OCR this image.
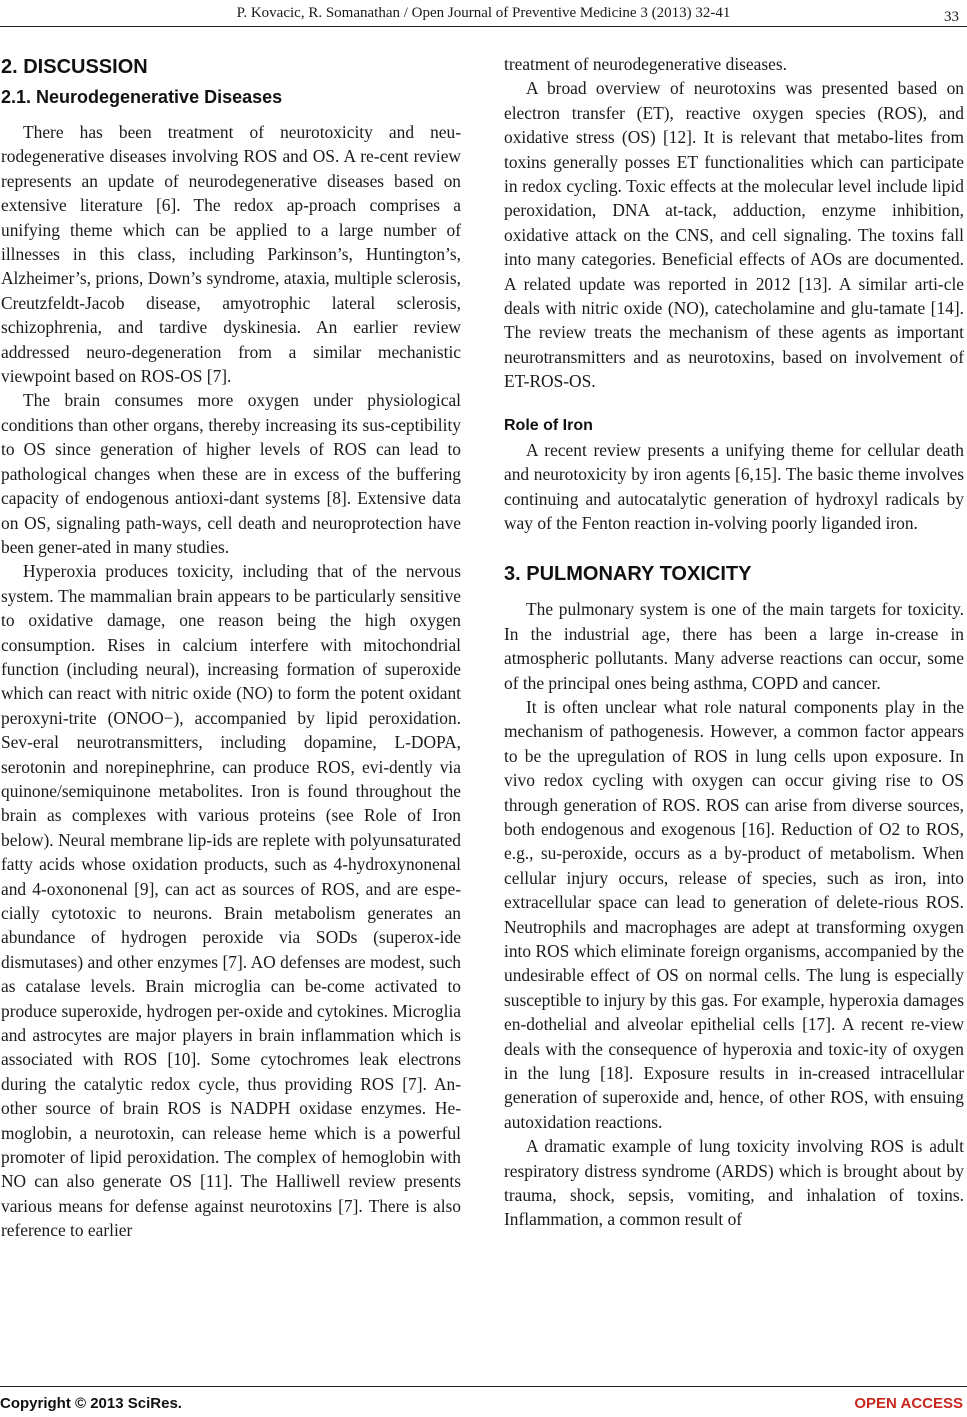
P. Kovacic, R. Somanathan / Open Journal of Preventive Medicine 3 (2013) 32-41	33
2. DISCUSSION
2.1. Neurodegenerative Diseases

There has been treatment of neurotoxicity and neu-rodegenerative diseases involving ROS and OS. A re-cent review represents an update of neurodegenerative diseases based on extensive literature [6]. The redox ap-proach comprises a unifying theme which can be applied to a large number of illnesses in this class, including Parkinson’s, Huntington’s, Alzheimer’s, prions, Down’s syndrome, ataxia, multiple sclerosis, Creutzfeldt-Jacob disease, amyotrophic lateral sclerosis, schizophrenia, and tardive dyskinesia. An earlier review addressed neuro-degeneration from a similar mechanistic viewpoint based on ROS-OS [7].

The brain consumes more oxygen under physiological conditions than other organs, thereby increasing its sus-ceptibility to OS since generation of higher levels of ROS can lead to pathological changes when these are in excess of the buffering capacity of endogenous antioxi-dant systems [8]. Extensive data on OS, signaling path-ways, cell death and neuroprotection have been gener-ated in many studies.

Hyperoxia produces toxicity, including that of the nervous system. The mammalian brain appears to be particularly sensitive to oxidative damage, one reason being the high oxygen consumption. Rises in calcium interfere with mitochondrial function (including neural), increasing formation of superoxide which can react with nitric oxide (NO) to form the potent oxidant peroxyni-trite (ONOO−), accompanied by lipid peroxidation. Sev-eral neurotransmitters, including dopamine, L-DOPA, serotonin and norepinephrine, can produce ROS, evi-dently via quinone/semiquinone metabolites. Iron is found throughout the brain as complexes with various proteins (see Role of Iron below). Neural membrane lip-ids are replete with polyunsaturated fatty acids whose oxidation products, such as 4-hydroxynonenal and 4-oxononenal [9], can act as sources of ROS, and are espe-cially cytotoxic to neurons. Brain metabolism generates an abundance of hydrogen peroxide via SODs (superox-ide dismutases) and other enzymes [7]. AO defenses are modest, such as catalase levels. Brain microglia can be-come activated to produce superoxide, hydrogen per-oxide and cytokines. Microglia and astrocytes are major players in brain inflammation which is associated with ROS [10]. Some cytochromes leak electrons during the catalytic redox cycle, thus providing ROS [7]. An- other source of brain ROS is NADPH oxidase enzymes. He-moglobin, a neurotoxin, can release heme which is a powerful promoter of lipid peroxidation. The complex of hemoglobin with NO can also generate OS [11]. The Halliwell review presents various means for defense against neurotoxins [7]. There is also reference to earlier

treatment of neurodegenerative diseases.

A broad overview of neurotoxins was presented based on electron transfer (ET), reactive oxygen species (ROS), and oxidative stress (OS) [12]. It is relevant that metabo-lites from toxins generally posses ET functionalities which can participate in redox cycling. Toxic effects at the molecular level include lipid peroxidation, DNA at-tack, adduction, enzyme inhibition, oxidative attack on the CNS, and cell signaling. The toxins fall into many categories. Beneficial effects of AOs are documented. A related update was reported in 2012 [13]. A similar arti-cle deals with nitric oxide (NO), catecholamine and glu-tamate [14]. The review treats the mechanism of these agents as important neurotransmitters and as neurotoxins, based on involvement of ET-ROS-OS.

Role of Iron

A recent review presents a unifying theme for cellular death and neurotoxicity by iron agents [6,15]. The basic theme involves continuing and autocatalytic generation of hydroxyl radicals by way of the Fenton reaction in-volving poorly liganded iron.

3. PULMONARY TOXICITY

The pulmonary system is one of the main targets for toxicity. In the industrial age, there has been a large in-crease in atmospheric pollutants. Many adverse reactions can occur, some of the principal ones being asthma, COPD and cancer.

It is often unclear what role natural components play in the mechanism of pathogenesis. However, a common factor appears to be the upregulation of ROS in lung cells upon exposure. In vivo redox cycling with oxygen can occur giving rise to OS through generation of ROS. ROS can arise from diverse sources, both endogenous and exogenous [16]. Reduction of O2 to ROS, e.g., su-peroxide, occurs as a by-product of metabolism. When cellular injury occurs, release of species, such as iron, into extracellular space can lead to generation of delete-rious ROS. Neutrophils and macrophages are adept at transforming oxygen into ROS which eliminate foreign organisms, accompanied by the undesirable effect of OS on normal cells. The lung is especially susceptible to injury by this gas. For example, hyperoxia damages en-dothelial and alveolar epithelial cells [17]. A recent re-view deals with the consequence of hyperoxia and toxic-ity of oxygen in the lung [18]. Exposure results in in-creased intracellular generation of superoxide and, hence, of other ROS, with ensuing autoxidation reactions.

A dramatic example of lung toxicity involving ROS is adult respiratory distress syndrome (ARDS) which is brought about by trauma, shock, sepsis, vomiting, and inhalation of toxins. Inflammation, a common result of

Copyright © 2013 SciRes.	OPEN ACCESS
